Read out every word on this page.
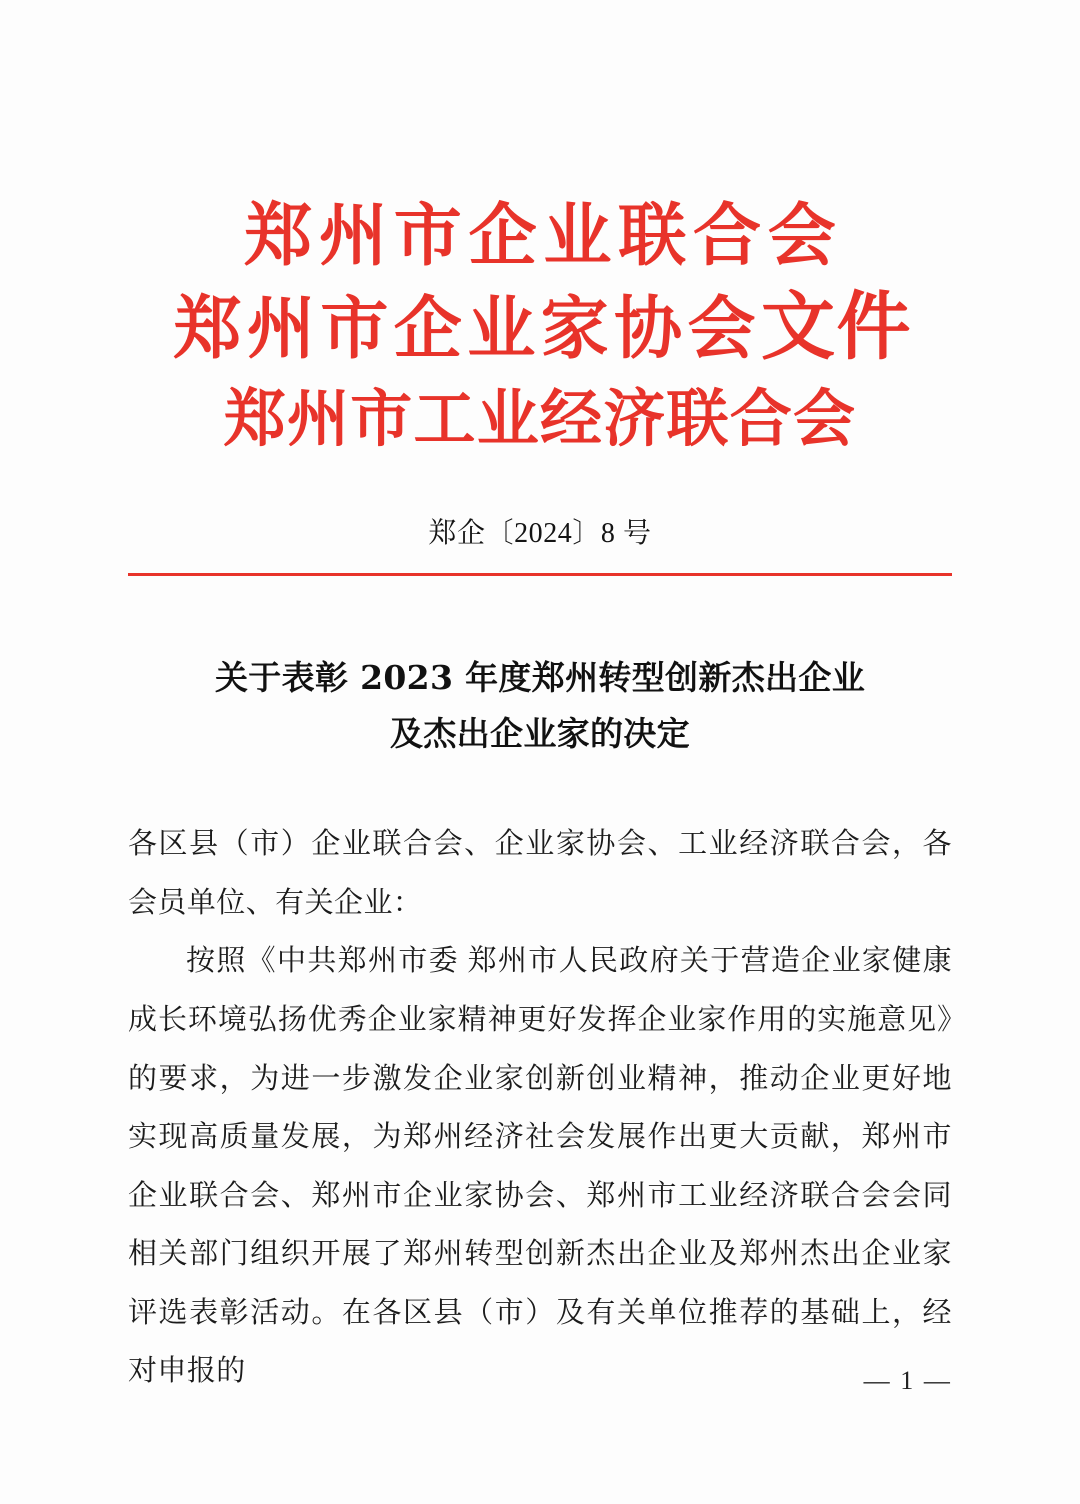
郑州市企业联合会
郑州市企业家协会文件
郑州市工业经济联合会
郑企〔2024〕8 号
关于表彰 2023 年度郑州转型创新杰出企业
及杰出企业家的决定

各区县（市）企业联合会、企业家协会、工业经济联合会，各会员单位、有关企业：

按照《中共郑州市委 郑州市人民政府关于营造企业家健康成长环境弘扬优秀企业家精神更好发挥企业家作用的实施意见》的要求，为进一步激发企业家创新创业精神，推动企业更好地实现高质量发展，为郑州经济社会发展作出更大贡献，郑州市企业联合会、郑州市企业家协会、郑州市工业经济联合会会同相关部门组织开展了郑州转型创新杰出企业及郑州杰出企业家评选表彰活动。在各区县（市）及有关单位推荐的基础上，经对申报的	— 1 —
